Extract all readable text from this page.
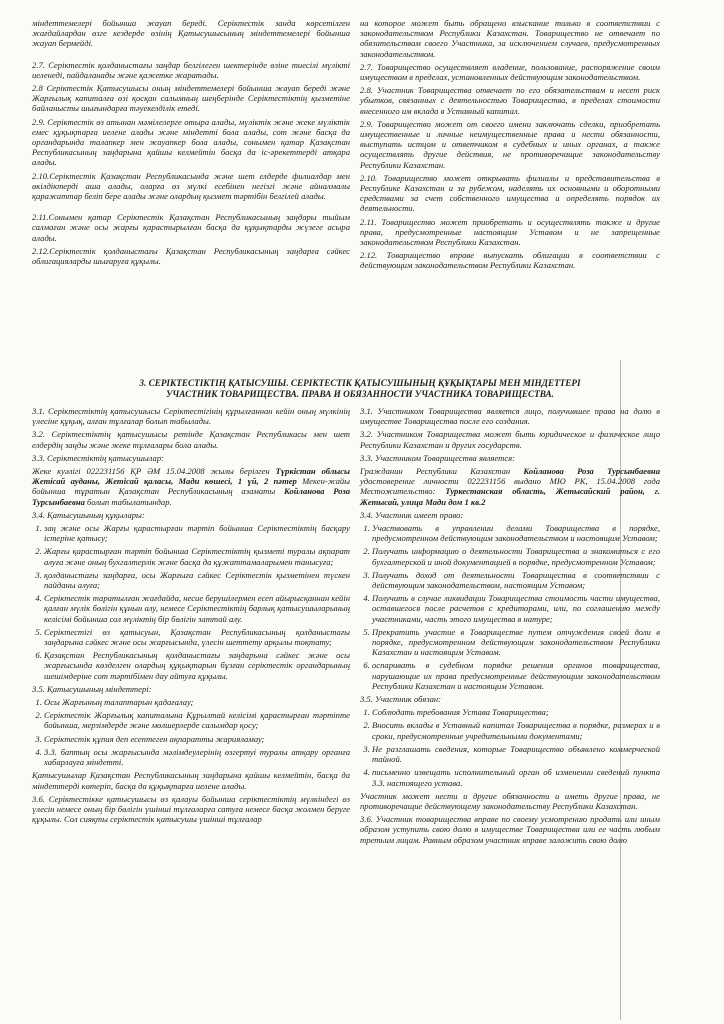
міндеттемелері бойынша жауап береді. Серіктестік занда көрсетілген жағдайлардан өзге кездерде өзінің Қатысушысының міндеттемелері бойынша жауап бермейді.

2.7. Серіктестік қолданыстағы заңдар белгілеген шектерінде өзіне тиесілі мүлікті иеленеді, пайдаланады және қажетке жаратады.

2.8 Серіктестік Қатысушысы оның міндеттемелері бойынша жауап береді және Жарғылық капиталға өзі қосқан салымның шеңберінде Серіктестіктің қызметіне байланысты шығындарға тәуекелділік етеді.

2.9. Серіктестік өз атынан мәмілелерге отыра алады, мүліктік және жеке мүліктік емес құқықтарға иелене алады және міндетті бола алады, сот және басқа да органдарында талапкер мен жауапкер бола алады, сонымен қатар Қазақстан Республикасының заңдарына қайшы келмейтін басқа да іс-әрекеттерді атқара алады.

2.10.Серіктестік Қазақстан Республикасында және шет елдерде филиалдар мен өкілдіктерді аша алады, оларға өз мүлкі есебінен негізгі және айналмалы қаражаттар беліп бере алады және олардың қызмет тәртібін белгілей алады.

2.11.Сонымен қатар Серіктестік Қазақстан Республикасының заңдары тыйым салмаған және осы жарғы қарастырылған басқа да құқықтарды жүзеге асыра алады.

2.12.Серіктестік қолданыстағы Қазақстан Республикасының заңдарға сәйкес облигацияларды шығаруға құқылы.

на которое может быть обращено взыскание только в соответствии с законодательством Республики Казахстан. Товарищество не отвечает по обязательствам своего Участника, за исключением случаев, предусмотренных законодательством.

2.7. Товарищество осуществляет владение, пользование, распоряжение своим имуществом в пределах, установленных действующим законодательством.

2.8. Участник Товарищества отвечает по его обязательствам и несет риск убытков, связанных с деятельностью Товарищества, в пределах стоимости внесенного им вклада в Уставный капитал.

2.9. Товарищество может от своего имени заключать сделки, приобретать имущественные и личные неимущественные права и нести обязанности, выступать истцом и ответчиком в судебных и иных органах, а также осуществлять другие действия, не противоречащие законодательству Республики Казахстан.

2.10. Товарищество может открывать филиалы и представительства в Республике Казахстан и за рубежом, наделять их основными и оборотными средствами за счет собственного имущества и определять порядок их деятельности.

2.11. Товарищество может приобретать и осуществлять также и другие права, предусмотренные настоящим Уставом и не запрещенные законодательством Республики Казахстан.

2.12. Товарищество вправе выпускать облигации в соответствии с действующим законодательством Республики Казахстан.

3. СЕРІКТЕСТІКТІҢ ҚАТЫСУШЫ. СЕРІКТЕСТІК ҚАТЫСУШЫНЫҢ ҚҰҚЫҚТАРЫ МЕН МІНДЕТТЕРІ
УЧАСТНИК ТОВАРИЩЕСТВА. ПРАВА И ОБЯЗАННОСТИ УЧАСТНИКА ТОВАРИЩЕСТВА.

3.1. Серіктестіктің қатысушысы Серіктестігінің құрылғаннан кейін оның мүлкінің үлесіне құқық, алған тұлғалар болып табылады.

3.2. Серіктестіктің қатысушысы ретінде Қазақстан Республикасы мен шет елдердің заңды және жеке тұлғалары бола алады.

3.3. Серіктестіктің қатысушылар:

Жеке куәлігі 022231156 ҚР ӘМ 15.04.2008 жылы берілген Түркістан облысы Жетісай ауданы, Жетісай қаласы, Мади көшесі, 1 үй, 2 пәтер Мекен-жайы бойынша тұратын Қазақстан Республикасының азаматы Койланова Роза Турсынбаевна болып табылатындар.

3.4. Қатысушының құқылары:

1. заң және осы Жарғы қарастырған тәртіп бойынша Серіктестіктің басқару істеріне қатысу;
2. Жарғы қарастырған тәртіп бойынша Серіктестіктің қызметі туралы ақпарат алуға және оның бухгалтерлік және басқа да құжаттамаларымен танысуға;
3. қолданыстағы заңдарға, осы Жарғыға сәйкес Серіктестік қызметінен түскен пайданы алуға;
4. Серіктестік таратылған жағдайда, несие берушілермен есеп айырысқаннан кейін қалған мүлік бөлігін құнын алу, немесе Серіктестіктің барлық қатысушыларының келісімі бойынша сол мүліктің бір бөлігін заттай алу.
5. Серіктестігі өз қатысуын, Қазақстан Республикасының қолданыстағы заңдарына сәйкес және осы жарғысында, үлесін шеттету арқылы тоқтату;
6. Қазақстан Республикасының қолданыстағы заңдарына сәйкес және осы жарғысында көзделген олардың құқықтарын бұзған серіктестік органдарының шешімдеріне сот тәртібімен дау айтуға құқылы.

3.5. Қатысушының міндеттері:

1. Осы Жарғының талаптарын қадағалау;
2. Серіктестік Жарғылық капиталына Құрылтай келісімі қарастырған тәртіпте бойынша, мерзімдерде және мөлшерлерде салымдар қосу;
3. Серіктестік құпия деп есептеген ақпаратты жарияламау;
4. 3.3. баптың осы жарғысында мәлімдеулерінің өзгертуі туралы атқару органға хабарлауға міндетті.

Қатысушылар Қазақстан Республикасының заңдарына қайшы келмейтін, басқа да міндеттерді көтеріп, басқа да құқықтарға иелене алады.

3.6. Серіктестікке қатысушысы өз қалауы бойынша серіктестіктің мүлкіндегі өз үлесін немесе оның бір бөлігін үшінші тұлғаларға сатуға немесе басқа жолмен беруге құқылы. Сол сияқты серіктестік қатысушы үшінші тұлғалар

3.1. Участником Товарищества является лицо, получившее права на долю в имуществе Товарищества после его создания.

3.2. Участником Товарищества может быть юридическое и физическое лицо Республики Казахстан и других государств.

3.3. Участником Товарищества является:

Гражданин Республики Казахстан Койланова Роза Турсынбаевна удостоверение личности 022231156 выдано МЮ РК, 15.04.2008 года Местожительство: Туркестанская область, Жетысайский район, г. Жетысай, улица Мади дом 1 кв.2

3.4. Участник имеет право:

1. Участвовать в управлении делами Товарищества в порядке, предусмотренном действующим законодательством и настоящим Уставом;
2. Получать информацию о деятельности Товарищества и знакомиться с его бухгалтерской и иной документацией в порядке, предусмотренном Уставом;
3. Получать доход от деятельности Товарищества в соответствии с действующим законодательством, настоящим Уставом;
4. Получить в случае ликвидации Товарищества стоимость части имущества, оставшегося после расчетов с кредиторами, или, по соглашению между участниками, часть этого имущества в натуре;
5. Прекратить участие в Товариществе путем отчуждения своей доли в порядке, предусмотренном действующим законодательством Республики Казахстан и настоящим Уставом.
6. оспаривать в судебном порядке решения органов товарищества, нарушающие их права предусмотренные действующим законодательством Республики Казахстан и настоящим Уставом.

3.5. Участник обязан:

1. Соблюдать требования Устава Товарищества;
2. Вносить вклады в Уставный капитал Товарищества в порядке, размерах и в сроки, предусмотренные учредительными документами;
3. Не разглашать сведения, которые Товарищество объявлено коммерческой тайной.
4. письменно извещать исполнительный орган об изменении сведений пункта 3.3. настоящего устава.

Участник может нести и другие обязанности и иметь другие права, не противоречащие действующему законодательству Республики Казахстан.

3.6. Участник товарищества вправе по своему усмотрению продать или иным образом уступить свою долю в имуществе Товарищества или ее часть любым третьим лицам. Равным образом участник вправе заложить свою долю
